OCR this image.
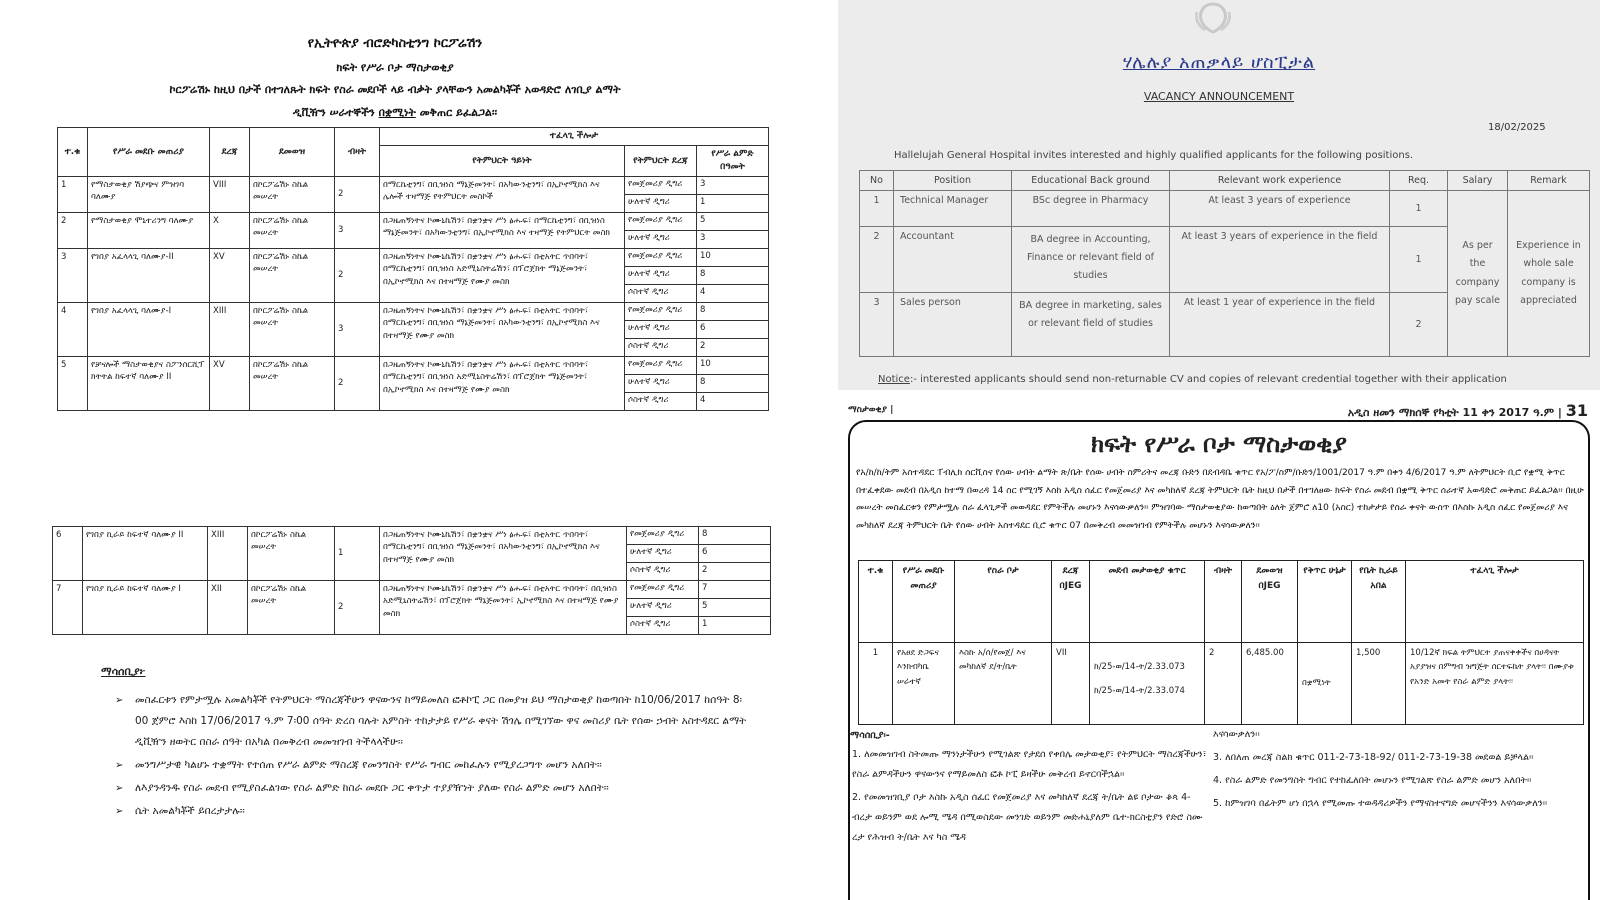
የኢትዮጵያ ብሮድካስቲንግ ኮርፖሬሽን
ክፍት የሥራ ቦታ ማስታወቂያ
ኮርፖሬሽኑ ከዚህ በታች በተገለጹት ክፍት የስራ መደቦች ላይ ብቃት ያላቸውን አመልካቾች አወዳድሮ ለገቢያ ልማት
ዲቪዥን ሠራተኞችን በቋሚነት መቅጠር ይፈልጋል፡፡
ተ.ቁ	የሥራ መደቡ መጠሪያ	ደረጃ	ደመወዝ	ብዛት	ተፈላጊ ችሎታ		
					የትምህርት ዓይነት	የትምህርት ደረጃ	የሥራ ልምድ በዓመት
1	የማስታወቂያ ሽያጭና ምዝገባ ባለሙያ	VIII	በኮርፖሬሽኑ ስኬል መሠረት	2	በማርኬቲንግ፣ በቢዝነስ ማኔጅመንት፣ በአካውንቲንግ፣ በኢኮኖሚክስ እና ሌሎች ተዛማጅ የትምህርት መስኮች	የመጀመሪያ ዲግሪ	3
						ሁለተኛ ዲግሪ	1
2	የማስታወቂያ ሞኒተሪንግ ባለሙያ	X	በኮርፖሬሽኑ ስኬል መሠረት	3	በጋዜጠኝነትና ኮሙኒኬሽን፣ በቋንቋና ሥነ ፅሑፍ፣ በማርኬቲንግ፣ በቢዝነስ ማኔጅመንት፣ በአካውንቲንግ፣ በኢኮኖሚክስ እና ተዛማጅ የትምህርት መስክ	የመጀመሪያ ዲግሪ	5
						ሁለተኛ ዲግሪ	3
3	የገበያ አፈላላጊ ባለሙያ-II	XV	በኮርፖሬሽኑ ስኬል መሠረት	2	በጋዜጠኝነትና ኮሙኒኬሽን፣ በቋንቋና ሥነ ፅሑፍ፣ በቲአትር ጥበባት፣ በማርኬቲንግ፣ በቢዝነስ አድሚኒስትሬሽን፣ በፕሮጀክት ማኔጅመንት፣ በኢኮኖሚክስ እና በተዛማጅ የሙያ መስክ	የመጀመሪያ ዲግሪ	10
						ሁለተኛ ዲግሪ	8
						ሶስተኛ ዲግሪ	4
4	የገበያ አፈላላጊ ባለሙያ-I	XIII	በኮርፖሬሽኑ ስኬል መሠረት	3	በጋዜጠኝነትና ኮሙኒኬሽን፣ በቋንቋና ሥነ ፅሑፍ፣ በቲአትር ጥበባት፣ በማርኬቲንግ፣ በቢዝነስ ማኔጅመንት፣ በአካውንቲንግ፣ በኢኮኖሚክስ እና በተዛማጅ የሙያ መስክ	የመጀመሪያ ዲግሪ	8
						ሁለተኛ ዲግሪ	6
						ሶስተኛ ዲግሪ	2
5	የቻናሎች ማስታወቂያና ስፖንሰርሺፕ ክትትል ከፍተኛ ባለሙያ II	XV	በኮርፖሬሽኑ ስኬል መሠረት	2	በጋዜጠኝነትና ኮሙኒኬሽን፣ በቋንቋና ሥነ ፅሑፍ፣ በቲአትር ጥበባት፣ በማርኬቲንግ፣ በቢዝነስ አድሚኒስትሬሽን፣ በፕሮጀክት ማኔጅመንት፣ በኢኮኖሚክስ እና በተዛማጅ የሙያ መስክ	የመጀመሪያ ዲግሪ	10
						ሁለተኛ ዲግሪ	8
						ሶስተኛ ዲግሪ	4
6	የገበያ ኪራይ ከፍተኛ ባለሙያ II	XIII	በኮርፖሬሽኑ ስኬል መሠረት	1	በጋዜጠኝነትና ኮሙኒኬሽን፣ በቋንቋና ሥነ ፅሑፍ፣ በቲአትር ጥበባት፣ በማርኬቲንግ፣ በቢዝነስ ማኔጅመንት፣ በአካውንቲንግ፣ በኢኮኖሚክስ እና በተዛማጅ የሙያ መስክ	የመጀመሪያ ዲግሪ	8
						ሁለተኛ ዲግሪ	6
						ሶስተኛ ዲግሪ	2
7	የገበያ ኪራይ ከፍተኛ ባለሙያ I	XII	በኮርፖሬሽኑ ስኬል መሠረት	2	በጋዜጠኝነትና ኮሙኒኬሽን፣ በቋንቋና ሥነ ፅሑፍ፣ በቲአትር ጥበባት፣ በቢዝነስ አድሚኒስትሬሽን፣ በፕሮጀክት ማኔጅመንት፣ ኢኮኖሚክስ እና በተዛማጅ የሙያ መስክ	የመጀመሪያ ዲግሪ	7
						ሁለተኛ ዲግሪ	5
						ሶስተኛ ዲግሪ	1
ማሳሰቢያ፦
➢ መስፈርቱን የምታሟሉ አመልካቾች የትምህርት ማስረጃችሁን ዋናውንና ከማይመለስ ፎቶኮፒ ጋር በመያዝ ይህ ማስታወቂያ ከወጣበት ከ10/06/2017 ከሰዓት 8፡00 ጀምሮ እስከ 17/06/2017 ዓ.ም 7፡00 ሰዓት ድረስ ባሉት አምስት ተከታታይ የሥራ ቀናት ሽጎሌ በሚገኘው ዋና መስሪያ ቤት የሰው ኃብት አስተዳደር ልማት ዲቪዥን ዘወትር በስራ ሰዓት በአካል በመቅረብ መመዝገብ ትችላላችሁ፡፡
➢ መንግሥታዊ ካልሆኑ ተቋማት የተሰጠ የሥራ ልምድ ማስረጃ የመንግስት የሥራ ግብር መከፈሉን የሚያረጋግጥ መሆን አለበት፡፡
➢ ለእያንዳንዱ የስራ መደብ የሚያስፈልገው የስራ ልምድ ከስራ መደቡ ጋር ቀጥታ ተያያዥነት ያለው የስራ ልምድ መሆን አለበት፡፡
➢ ሴት አመልካቾች ይበረታታሉ፡፡
ሃሌሉያ አጠቃላይ ሆስፒታል
VACANCY ANNOUNCEMENT
18/02/2025
Hallelujah General Hospital invites interested and highly qualified applicants for the following positions.
No	Position	Educational Back ground	Relevant work experience	Req.	Salary	Remark
1	Technical Manager	BSc degree in Pharmacy	At least 3 years of experience	1	As per the company pay scale	Experience in whole sale company is appreciated
2	Accountant	BA degree in Accounting, Finance or relevant field of studies	At least 3 years of experience in the field	1		
3	Sales person	BA degree in marketing, sales or relevant field of studies	At least 1 year of experience in the field	2		
Notice:- interested applicants should send non-returnable CV and copies of relevant credential together with their application
ማስታወቂያ |	አዲስ ዘመን ማክሰኞ የካቲት 11 ቀን 2017 ዓ.ም | 31
ክፍት የሥራ ቦታ ማስታወቂያ
የአ/ከ/ከ/ትም አስተዳደር ፐብሊክ ሰርቪስና የሰው ሀብት ልማት ጽ/ቤት የሰው ሀብት ስምሪትና መረጃ ቡድን በደብዳቤ ቁጥር የአ/ፖ/ስም/ቡድን/1001/2017 ዓ.ም በቀን 4/6/2017 ዓ.ም ለትምህርት ቢሮ የቋሚ ቅጥር በተፈቀደው መደብ በአዲስ ከተማ በወረዳ 14 ስር የሚገኝ እስከ አዲስ ሰፈር የመጀመሪያ እና መካከለኛ ደረጃ ትምህርት ቤት ከዚህ በታች በተገለፀው ክፍት የስራ መደብ በቋሚ ቅጥር ሰራተኛ አወዳድሮ መቅጠር ይፈልጋል፡፡ በዚሁ መሠረት መስፈርቱን የምታሟሉ ስራ ፈላጊዎች መወዳደር የምትችሉ መሆኑን እናሳውቃለን፡፡ ምዝገባው ማስታወቂያው ከወጣበት ዕለት ጀምሮ ለ10 (አስር) ተከታታይ የስራ ቀናት ውስጥ በእስኩ አዲስ ሰፈር የመጀመሪያ እና መካከለኛ ደረጃ ትምህርት ቤት የሰው ሀብት አስተዳደር ቢሮ ቁጥር 07 በመቅረብ መመዝገብ የምትችሉ መሆኑን እናሳውቃለን፡፡
ተ.ቁ	የሥራ መደቡ መጠሪያ	የስራ ቦታ	ደረጃ በJEG	መደብ መታወቂያ ቁጥር	ብዛት	ደመወዝ በJEG	የቅጥር ሁኔታ	የቤት ኪራይ አበል	ተፈላጊ ችሎታ
1	የአፀደ ድጋፍና እንክብካቤ ሠራተኛ	እስኩ አ/ሰ/የመጀ/ እና መካከለኛ ደ/ት/ቤት	VII	ከ/25-ወ/14-ት/2.33.073
ከ/25-ወ/14-ት/2.33.074	2	6,485.00	በቋሚነት	1,500	10/12ኛ ክፍል ትምህርት ያጠናቀቀችና በሀዳናት አያያዝና በምግብ ዝግጅት ሰርተፍኬት ያላት፡፡ በሙያቱ የአንድ አመት የስራ ልምድ ያላት፡፡
ማሳሰቢያ፡-
1. ለመመዝገብ ስትመጡ ማንነታችሁን የሚገልጽ የታደሰ የቀበሌ መታወቂያ፣ የትምህርት ማስረጃችሁን፣ የስራ ልምዳችሁን ዋናውንና የማይመለስ ፎቶ ኮፒ ይዛችሁ መቅረብ ይኖርባችኋል፡፡
2. የመመዝገቢያ ቦታ እስኩ አዲስ ሰፈር የመጀመሪያ እና መካከለኛ ደረጃ ት/ቤት ልዩ ቦታው ቆጳ 4-ብረታ ወይንም ወደ ሎሚ ሜዳ በሚወስደው መንገድ ወይንም መድሐኒያለም ቤተ-ክርስቲያን የድሮ ስሙ ረታ የሕዝብ ት/ቤት እና ካስ ሜዳ
እናሳውቃለን፡፡
3. ለበለጠ መረጃ ስልክ ቁጥር 011-2-73-18-92/ 011-2-73-19-38 መደወል ይቻላል፡፡
4. የስራ ልምድ የመንግስት ግብር የተከፈለበት መሆኑን የሚገልጽ የስራ ልምድ መሆን አለበት፡፡
5. ከምዝገባ በፊትም ሆነ በኋላ የሚመጡ ተወዳዳሪዎችን የማናስተናግድ መሆናችንን እናሳውቃለን፡፡
